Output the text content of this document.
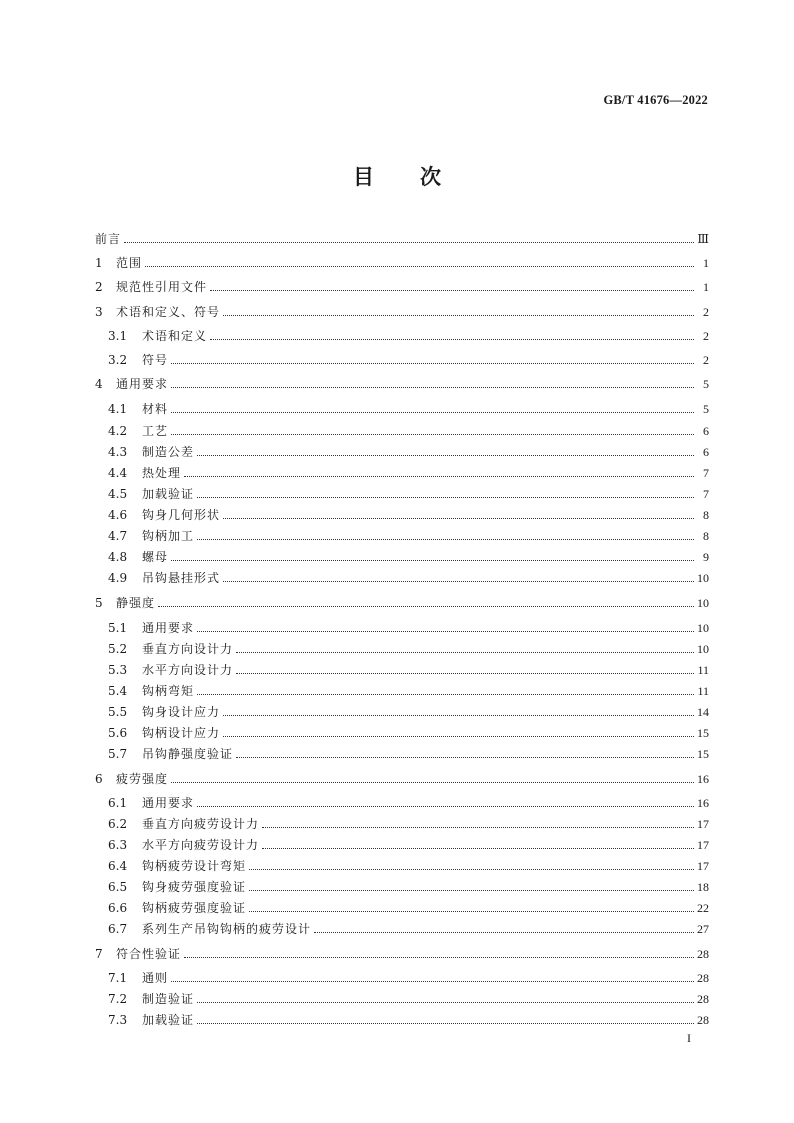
GB/T 41676—2022
目 次
前言	Ⅲ
1	范围	1
2	规范性引用文件	1
3	术语和定义、符号	2
3.1	术语和定义	2
3.2	符号	2
4	通用要求	5
4.1	材料	5
4.2	工艺	6
4.3	制造公差	6
4.4	热处理	7
4.5	加载验证	7
4.6	钩身几何形状	8
4.7	钩柄加工	8
4.8	螺母	9
4.9	吊钩悬挂形式	10
5	静强度	10
5.1	通用要求	10
5.2	垂直方向设计力	10
5.3	水平方向设计力	11
5.4	钩柄弯矩	11
5.5	钩身设计应力	14
5.6	钩柄设计应力	15
5.7	吊钩静强度验证	15
6	疲劳强度	16
6.1	通用要求	16
6.2	垂直方向疲劳设计力	17
6.3	水平方向疲劳设计力	17
6.4	钩柄疲劳设计弯矩	17
6.5	钩身疲劳强度验证	18
6.6	钩柄疲劳强度验证	22
6.7	系列生产吊钩钩柄的疲劳设计	27
7	符合性验证	28
7.1	通则	28
7.2	制造验证	28
7.3	加载验证	28
I
